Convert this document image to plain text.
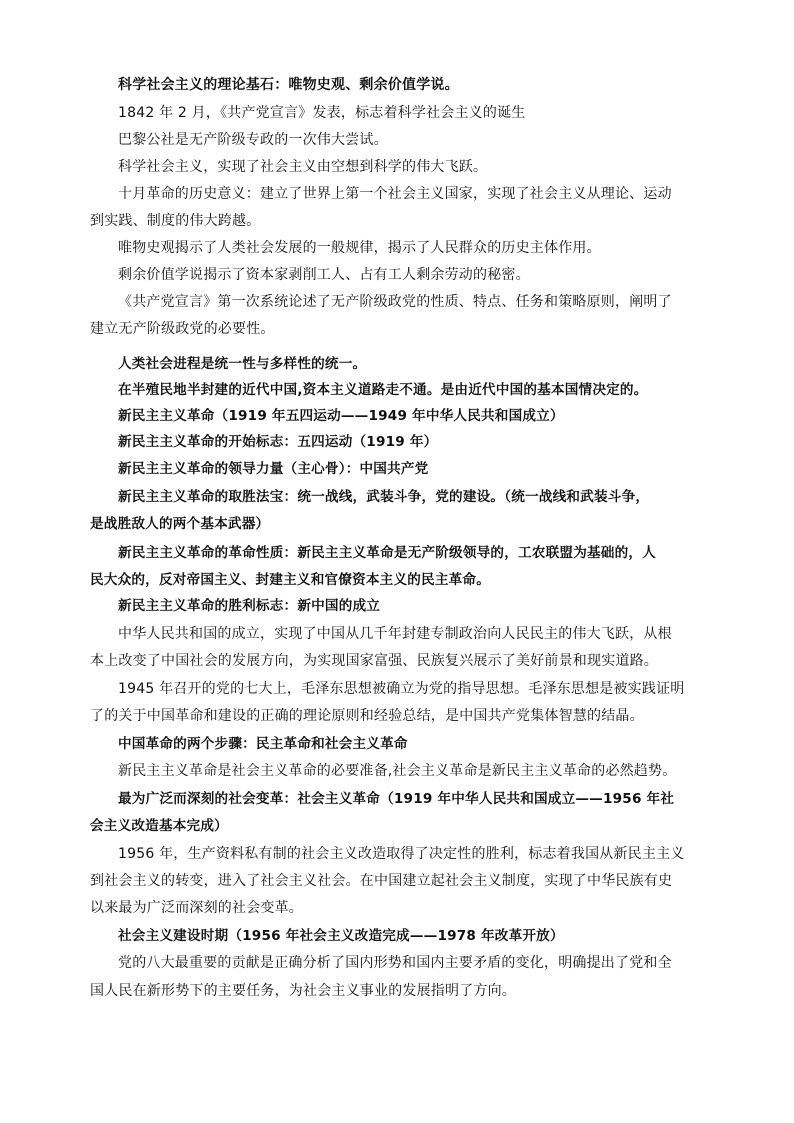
科学社会主义的理论基石：唯物史观、剩余价值学说。
1842 年 2 月，《共产党宣言》发表，标志着科学社会主义的诞生
巴黎公社是无产阶级专政的一次伟大尝试。
科学社会主义，实现了社会主义由空想到科学的伟大飞跃。
十月革命的历史意义：建立了世界上第一个社会主义国家，实现了社会主义从理论、运动
到实践、制度的伟大跨越。
唯物史观揭示了人类社会发展的一般规律，揭示了人民群众的历史主体作用。
剩余价值学说揭示了资本家剥削工人、占有工人剩余劳动的秘密。
《共产党宣言》第一次系统论述了无产阶级政党的性质、特点、任务和策略原则，阐明了
建立无产阶级政党的必要性。
人类社会进程是统一性与多样性的统一。
在半殖民地半封建的近代中国,资本主义道路走不通。是由近代中国的基本国情决定的。
新民主主义革命（1919 年五四运动——1949 年中华人民共和国成立）
新民主主义革命的开始标志：五四运动（1919 年）
新民主主义革命的领导力量（主心骨）：中国共产党
新民主主义革命的取胜法宝：统一战线，武装斗争，党的建设。（统一战线和武装斗争，
是战胜敌人的两个基本武器）
新民主主义革命的革命性质：新民主主义革命是无产阶级领导的，工农联盟为基础的，人
民大众的，反对帝国主义、封建主义和官僚资本主义的民主革命。
新民主主义革命的胜利标志：新中国的成立
中华人民共和国的成立，实现了中国从几千年封建专制政治向人民民主的伟大飞跃，从根
本上改变了中国社会的发展方向，为实现国家富强、民族复兴展示了美好前景和现实道路。
1945 年召开的党的七大上，毛泽东思想被确立为党的指导思想。毛泽东思想是被实践证明
了的关于中国革命和建设的正确的理论原则和经验总结，是中国共产党集体智慧的结晶。
中国革命的两个步骤：民主革命和社会主义革命
新民主主义革命是社会主义革命的必要准备,社会主义革命是新民主主义革命的必然趋势。
最为广泛而深刻的社会变革：社会主义革命（1919 年中华人民共和国成立——1956 年社
会主义改造基本完成）
1956 年，生产资料私有制的社会主义改造取得了决定性的胜利，标志着我国从新民主主义
到社会主义的转变，进入了社会主义社会。在中国建立起社会主义制度，实现了中华民族有史
以来最为广泛而深刻的社会变革。
社会主义建设时期（1956 年社会主义改造完成——1978 年改革开放）
党的八大最重要的贡献是正确分析了国内形势和国内主要矛盾的变化，明确提出了党和全
国人民在新形势下的主要任务，为社会主义事业的发展指明了方向。
